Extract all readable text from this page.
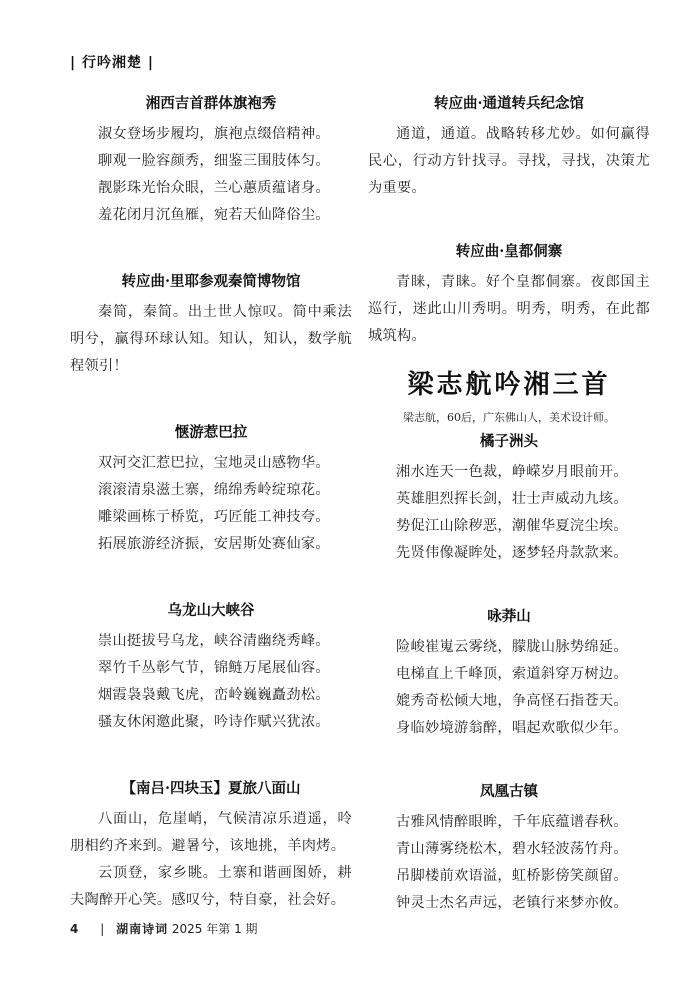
| 行吟湘楚 |
湘西吉首群体旗袍秀
淑女登场步履均，旗袍点缀倍精神。
聊观一脸容颜秀，细鉴三围肢体匀。
靓影珠光怡众眼，兰心蕙质蕴诸身。
羞花闭月沉鱼雁，宛若天仙降俗尘。
转应曲·里耶参观秦简博物馆

秦简，秦简。出土世人惊叹。简中乘法明兮，赢得环球认知。知认，知认，数学航程领引！

惬游惹巴拉
双河交汇惹巴拉，宝地灵山感物华。
滚滚清泉滋土寨，绵绵秀岭绽琼花。
雕梁画栋亍桥览，巧匠能工神技夸。
拓展旅游经济振，安居斯处赛仙家。
乌龙山大峡谷
崇山挺拔号乌龙，峡谷清幽绕秀峰。
翠竹千丛彰气节，锦鲢万尾展仙容。
烟霞袅袅戴飞虎，峦岭巍巍矗劲松。
骚友休闲邀此聚，吟诗作赋兴犹浓。
【南吕·四块玉】夏旅八面山

八面山，危崖峭，气候清凉乐逍遥，呤朋相约齐来到。避暑兮，该地挑，羊肉烤。

云顶登，家乡眺。土寨和谐画图娇，耕夫陶醉开心笑。感叹兮，特自豪，社会好。

转应曲·通道转兵纪念馆

通道，通道。战略转移尤妙。如何赢得民心，行动方针找寻。寻找，寻找，决策尤为重要。

转应曲·皇都侗寨

青睐，青睐。好个皇都侗寨。夜郎国主巡行，迷此山川秀明。明秀，明秀，在此都城筑构。

梁志航吟湘三首
梁志航，60后，广东佛山人，美术设计师。
橘子洲头
湘水连天一色裁，峥嵘岁月眼前开。
英雄胆烈挥长剑，壮士声威动九垓。
势促江山除秽恶，潮催华夏浣尘埃。
先贤伟像凝眸处，逐梦轻舟款款来。
咏莽山
险峻崔嵬云雾绕，朦胧山脉势绵延。
电梯直上千峰顶，索道斜穿万树边。
媲秀奇松倾大地，争高怪石指苍天。
身临妙境游翁醉，唱起欢歌似少年。
凤凰古镇
古雅风情醉眼眸，千年底蕴谱春秋。
青山薄雾绕松木，碧水轻波荡竹舟。
吊脚楼前欢语溢，虹桥影傍笑颜留。
钟灵士杰名声远，老镇行来梦亦攸。
4 | 湖南诗词 2025 年第 1 期
